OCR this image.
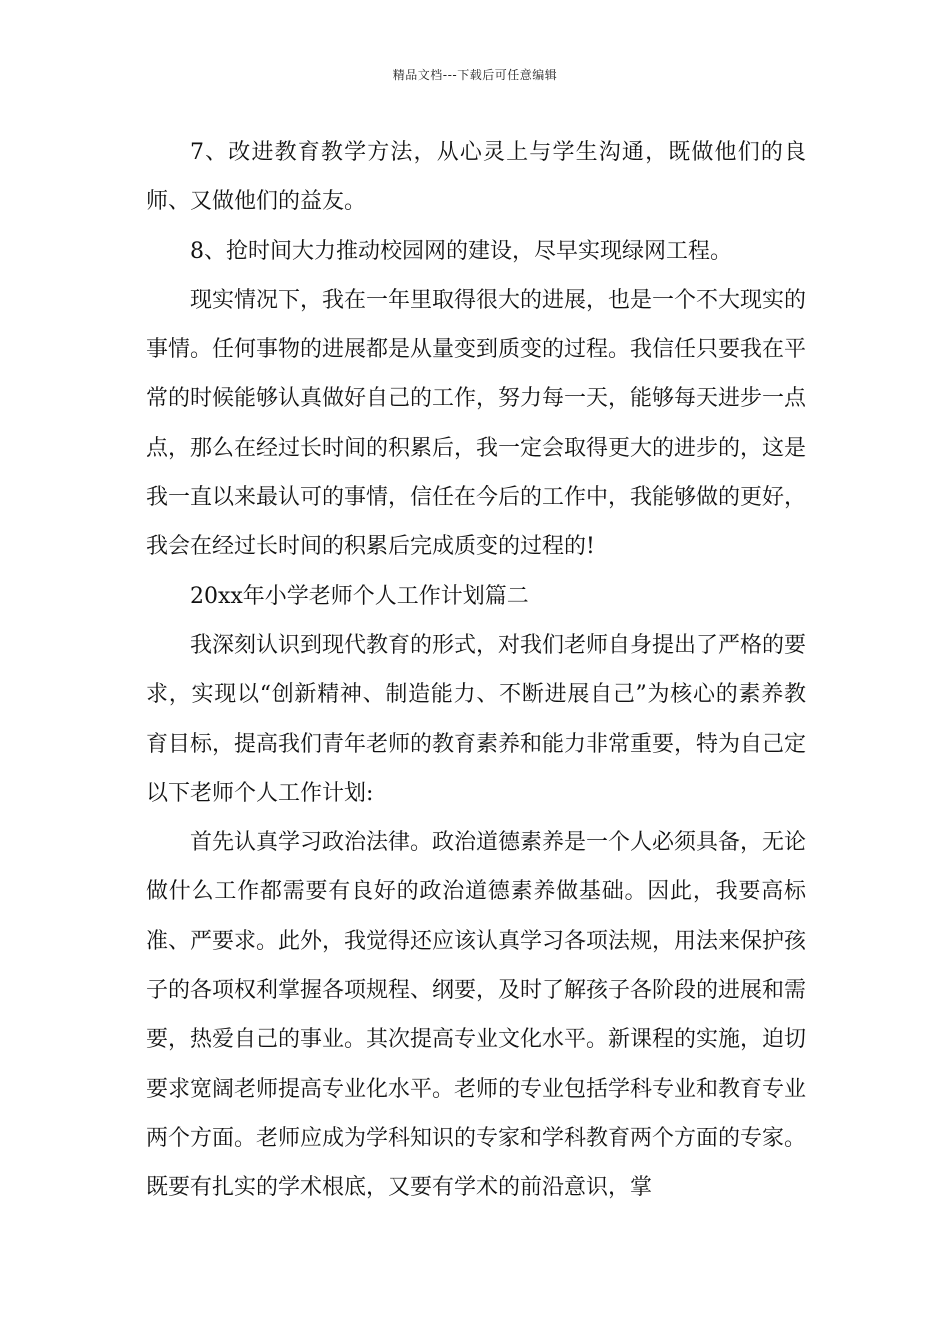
精品文档---下载后可任意编辑

7、改进教育教学方法，从心灵上与学生沟通，既做他们的良师、又做他们的益友。

8、抢时间大力推动校园网的建设，尽早实现绿网工程。

现实情况下，我在一年里取得很大的进展，也是一个不大现实的事情。任何事物的进展都是从量变到质变的过程。我信任只要我在平常的时候能够认真做好自己的工作，努力每一天，能够每天进步一点点，那么在经过长时间的积累后，我一定会取得更大的进步的，这是我一直以来最认可的事情，信任在今后的工作中，我能够做的更好，我会在经过长时间的积累后完成质变的过程的!

20xx年小学老师个人工作计划篇二

我深刻认识到现代教育的形式，对我们老师自身提出了严格的要求，实现以“创新精神、制造能力、不断进展自己”为核心的素养教育目标，提高我们青年老师的教育素养和能力非常重要，特为自己定以下老师个人工作计划:

首先认真学习政治法律。政治道德素养是一个人必须具备，无论做什么工作都需要有良好的政治道德素养做基础。因此，我要高标准、严要求。此外，我觉得还应该认真学习各项法规，用法来保护孩子的各项权利掌握各项规程、纲要，及时了解孩子各阶段的进展和需要，热爱自己的事业。其次提高专业文化水平。新课程的实施，迫切要求宽阔老师提高专业化水平。老师的专业包括学科专业和教育专业两个方面。老师应成为学科知识的专家和学科教育两个方面的专家。既要有扎实的学术根底，又要有学术的前沿意识，掌
